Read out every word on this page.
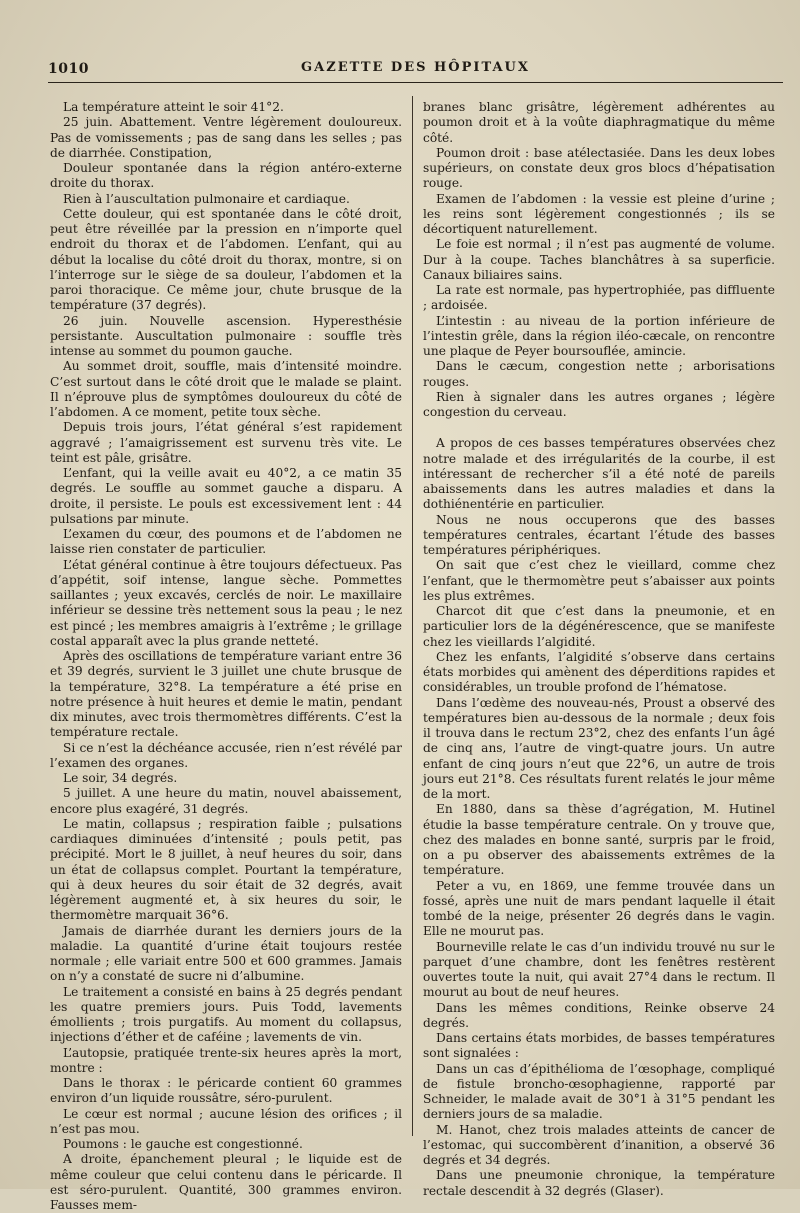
1010	GAZETTE DES HÔPITAUX

La température atteint le soir 41°2.

25 juin. Abattement. Ventre légèrement douloureux. Pas de vomissements ; pas de sang dans les selles ; pas de diarrhée. Constipation,

Douleur spontanée dans la région antéro-externe droite du thorax.

Rien à l’auscultation pulmonaire et cardiaque.

Cette douleur, qui est spontanée dans le côté droit, peut être réveillée par la pression en n’importe quel endroit du thorax et de l’abdomen. L’enfant, qui au début la localise du côté droit du thorax, montre, si on l’interroge sur le siège de sa douleur, l’abdomen et la paroi thoracique. Ce même jour, chute brusque de la température (37 degrés).

26 juin. Nouvelle ascension. Hyperesthésie persistante. Auscultation pulmonaire : souffle très intense au sommet du poumon gauche.

Au sommet droit, souffle, mais d’intensité moindre. C’est surtout dans le côté droit que le malade se plaint. Il n’éprouve plus de symptômes douloureux du côté de l’abdomen. A ce moment, petite toux sèche.

Depuis trois jours, l’état général s’est rapidement aggravé ; l’amaigrissement est survenu très vite. Le teint est pâle, grisâtre.

L’enfant, qui la veille avait eu 40°2, a ce matin 35 degrés. Le souffle au sommet gauche a disparu. A droite, il persiste. Le pouls est excessivement lent : 44 pulsations par minute.

L’examen du cœur, des poumons et de l’abdomen ne laisse rien constater de particulier.

L’état général continue à être toujours défectueux. Pas d’appétit, soif intense, langue sèche. Pommettes saillantes ; yeux excavés, cerclés de noir. Le maxillaire inférieur se dessine très nettement sous la peau ; le nez est pincé ; les membres amaigris à l’extrême ; le grillage costal apparaît avec la plus grande netteté.

Après des oscillations de température variant entre 36 et 39 degrés, survient le 3 juillet une chute brusque de la température, 32°8. La température a été prise en notre présence à huit heures et demie le matin, pendant dix minutes, avec trois thermomètres différents. C’est la température rectale.

Si ce n’est la déchéance accusée, rien n’est révélé par l’examen des organes.

Le soir, 34 degrés.

5 juillet. A une heure du matin, nouvel abaissement, encore plus exagéré, 31 degrés.

Le matin, collapsus ; respiration faible ; pulsations cardiaques diminuées d’intensité ; pouls petit, pas précipité. Mort le 8 juillet, à neuf heures du soir, dans un état de collapsus complet. Pourtant la température, qui à deux heures du soir était de 32 degrés, avait légèrement augmenté et, à six heures du soir, le thermomètre marquait 36°6.

Jamais de diarrhée durant les derniers jours de la maladie. La quantité d’urine était toujours restée normale ; elle variait entre 500 et 600 grammes. Jamais on n’y a constaté de sucre ni d’albumine.

Le traitement a consisté en bains à 25 degrés pendant les quatre premiers jours. Puis Todd, lavements émollients ; trois purgatifs. Au moment du collapsus, injections d’éther et de caféine ; lavements de vin.

L’autopsie, pratiquée trente-six heures après la mort, montre :

Dans le thorax : le péricarde contient 60 grammes environ d’un liquide roussâtre, séro-purulent.

Le cœur est normal ; aucune lésion des orifices ; il n’est pas mou.

Poumons : le gauche est congestionné.

A droite, épanchement pleural ; le liquide est de même couleur que celui contenu dans le péricarde. Il est séro-purulent. Quantité, 300 grammes environ. Fausses mem-

branes blanc grisâtre, légèrement adhérentes au poumon droit et à la voûte diaphragmatique du même côté.

Poumon droit : base atélectasiée. Dans les deux lobes supérieurs, on constate deux gros blocs d’hépatisation rouge.

Examen de l’abdomen : la vessie est pleine d’urine ; les reins sont légèrement congestionnés ; ils se décortiquent naturellement.

Le foie est normal ; il n’est pas augmenté de volume. Dur à la coupe. Taches blanchâtres à sa superficie. Canaux biliaires sains.

La rate est normale, pas hypertrophiée, pas diffluente ; ardoisée.

L’intestin : au niveau de la portion inférieure de l’intestin grêle, dans la région iléo-cæcale, on rencontre une plaque de Peyer boursouflée, amincie.

Dans le cæcum, congestion nette ; arborisations rouges.

Rien à signaler dans les autres organes ; légère congestion du cerveau.

A propos de ces basses températures observées chez notre malade et des irrégularités de la courbe, il est intéressant de rechercher s’il a été noté de pareils abaissements dans les autres maladies et dans la dothiénentérie en particulier.

Nous ne nous occuperons que des basses températures centrales, écartant l’étude des basses températures périphériques.

On sait que c’est chez le vieillard, comme chez l’enfant, que le thermomètre peut s’abaisser aux points les plus extrêmes.

Charcot dit que c’est dans la pneumonie, et en particulier lors de la dégénérescence, que se manifeste chez les vieillards l’algidité.

Chez les enfants, l’algidité s’observe dans certains états morbides qui amènent des déperditions rapides et considérables, un trouble profond de l’hématose.

Dans l’œdème des nouveau-nés, Proust a observé des températures bien au-dessous de la normale ; deux fois il trouva dans le rectum 23°2, chez des enfants l’un âgé de cinq ans, l’autre de vingt-quatre jours. Un autre enfant de cinq jours n’eut que 22°6, un autre de trois jours eut 21°8. Ces résultats furent relatés le jour même de la mort.

En 1880, dans sa thèse d’agrégation, M. Hutinel étudie la basse température centrale. On y trouve que, chez des malades en bonne santé, surpris par le froid, on a pu observer des abaissements extrêmes de la température.

Peter a vu, en 1869, une femme trouvée dans un fossé, après une nuit de mars pendant laquelle il était tombé de la neige, présenter 26 degrés dans le vagin. Elle ne mourut pas.

Bourneville relate le cas d’un individu trouvé nu sur le parquet d’une chambre, dont les fenêtres restèrent ouvertes toute la nuit, qui avait 27°4 dans le rectum. Il mourut au bout de neuf heures.

Dans les mêmes conditions, Reinke observe 24 degrés.

Dans certains états morbides, de basses températures sont signalées :

Dans un cas d’épithélioma de l’œsophage, compliqué de fistule broncho-œsophagienne, rapporté par Schneider, le malade avait de 30°1 à 31°5 pendant les derniers jours de sa maladie.

M. Hanot, chez trois malades atteints de cancer de l’estomac, qui succombèrent d’inanition, a observé 36 degrés et 34 degrés.

Dans une pneumonie chronique, la température rectale descendit à 32 degrés (Glaser).
